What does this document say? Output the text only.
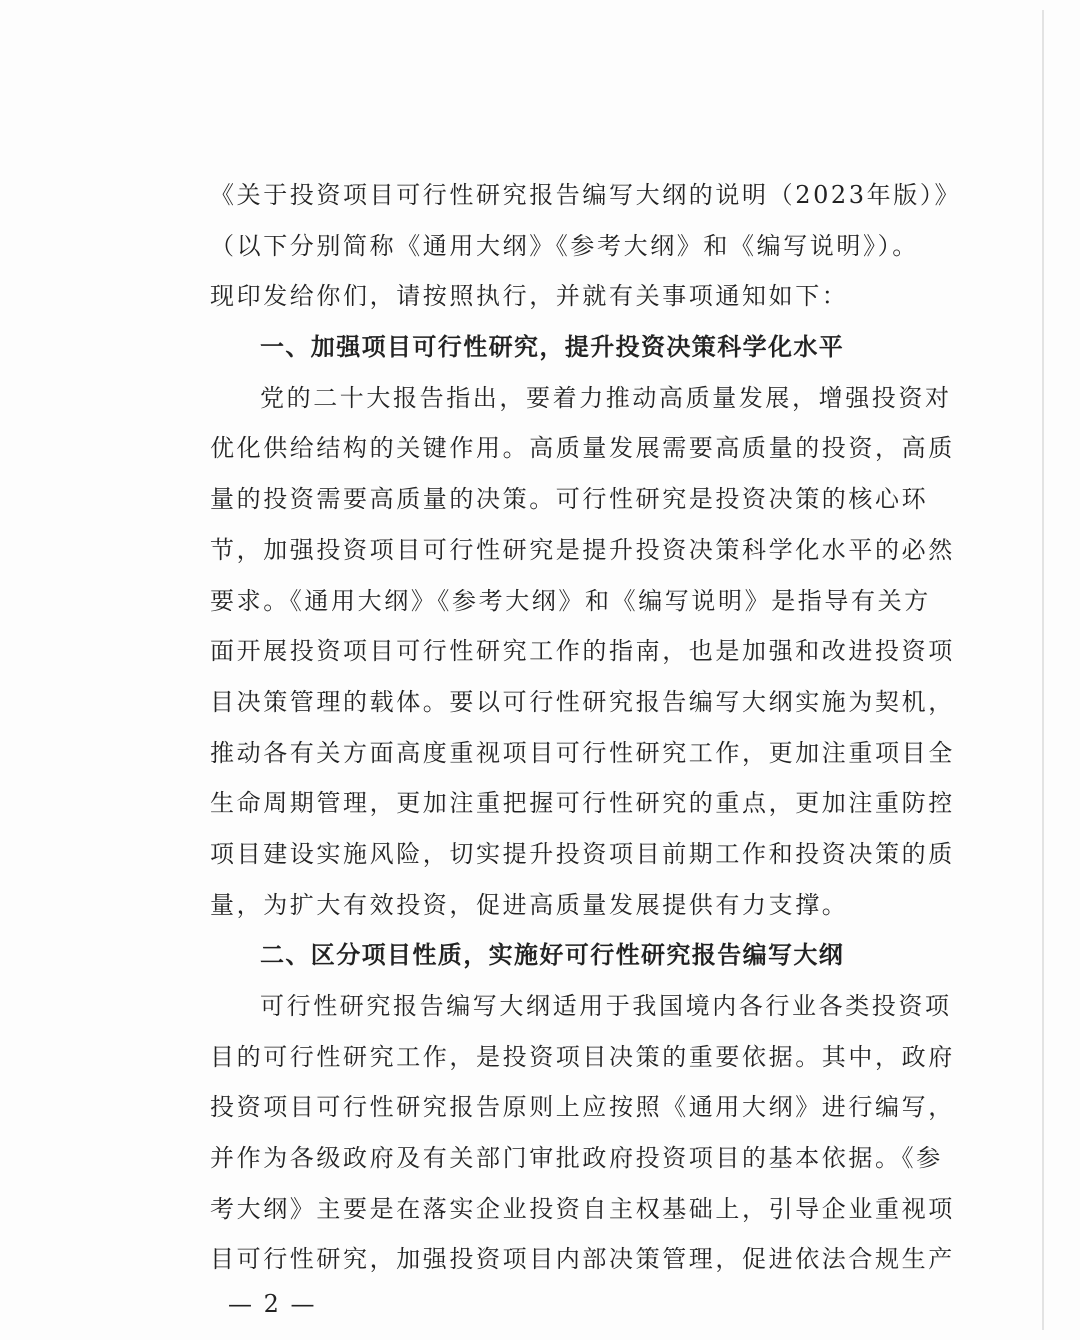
《关于投资项目可行性研究报告编写大纲的说明（2023年版）》

（以下分别简称《通用大纲》《参考大纲》和《编写说明》）。

现印发给你们，请按照执行，并就有关事项通知如下：

一、加强项目可行性研究，提升投资决策科学化水平

党的二十大报告指出，要着力推动高质量发展，增强投资对

优化供给结构的关键作用。高质量发展需要高质量的投资，高质

量的投资需要高质量的决策。可行性研究是投资决策的核心环

节，加强投资项目可行性研究是提升投资决策科学化水平的必然

要求。《通用大纲》《参考大纲》和《编写说明》是指导有关方

面开展投资项目可行性研究工作的指南，也是加强和改进投资项

目决策管理的载体。要以可行性研究报告编写大纲实施为契机，

推动各有关方面高度重视项目可行性研究工作，更加注重项目全

生命周期管理，更加注重把握可行性研究的重点，更加注重防控

项目建设实施风险，切实提升投资项目前期工作和投资决策的质

量，为扩大有效投资，促进高质量发展提供有力支撑。

二、区分项目性质，实施好可行性研究报告编写大纲

可行性研究报告编写大纲适用于我国境内各行业各类投资项

目的可行性研究工作，是投资项目决策的重要依据。其中，政府

投资项目可行性研究报告原则上应按照《通用大纲》进行编写，

并作为各级政府及有关部门审批政府投资项目的基本依据。《参

考大纲》主要是在落实企业投资自主权基础上，引导企业重视项

目可行性研究，加强投资项目内部决策管理，促进依法合规生产

— 2 —
